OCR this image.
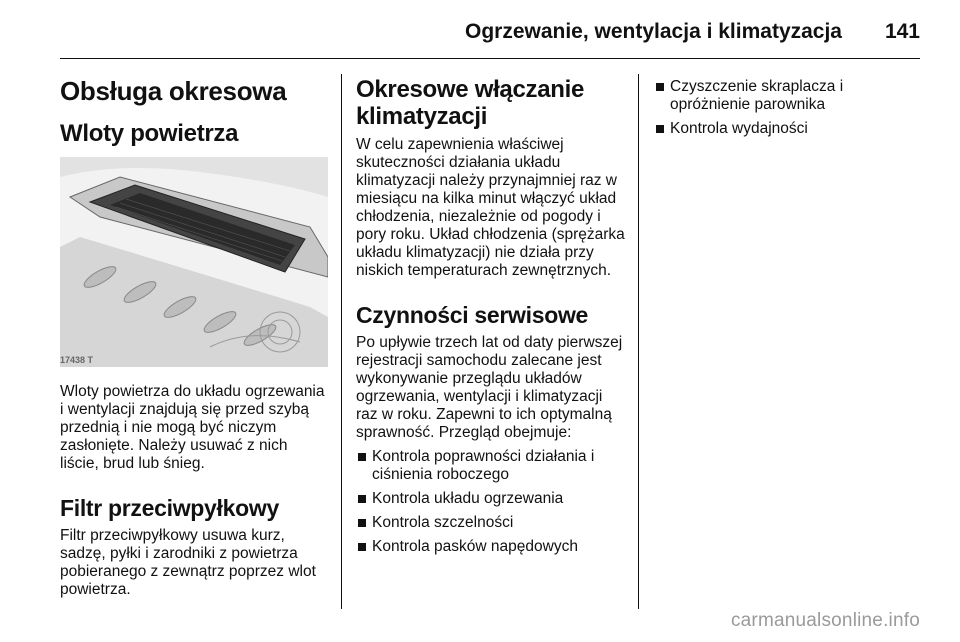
Ogrzewanie, wentylacja i klimatyzacja 141
Obsługa okresowa
Wloty powietrza
17438 T

Wloty powietrza do układu ogrzewania i wentylacji znajdują się przed szybą przednią i nie mogą być niczym zasłonięte. Należy usuwać z nich liście, brud lub śnieg.

Filtr przeciwpyłkowy

Filtr przeciwpyłkowy usuwa kurz, sadzę, pyłki i zarodniki z powietrza pobieranego z zewnątrz poprzez wlot powietrza.

Okresowe włączanie klimatyzacji

W celu zapewnienia właściwej skuteczności działania układu klimatyzacji należy przynajmniej raz w miesiącu na kilka minut włączyć układ chłodzenia, niezależnie od pogody i pory roku. Układ chłodzenia (sprężarka układu klimatyzacji) nie działa przy niskich temperaturach zewnętrznych.

Czynności serwisowe

Po upływie trzech lat od daty pierwszej rejestracji samochodu zalecane jest wykonywanie przeglądu układów ogrzewania, wentylacji i klimatyzacji raz w roku. Zapewni to ich optymalną sprawność. Przegląd obejmuje:

Kontrola poprawności działania i ciśnienia roboczego
Kontrola układu ogrzewania
Kontrola szczelności
Kontrola pasków napędowych
Czyszczenie skraplacza i opróżnienie parownika
Kontrola wydajności
carmanualsonline.info
